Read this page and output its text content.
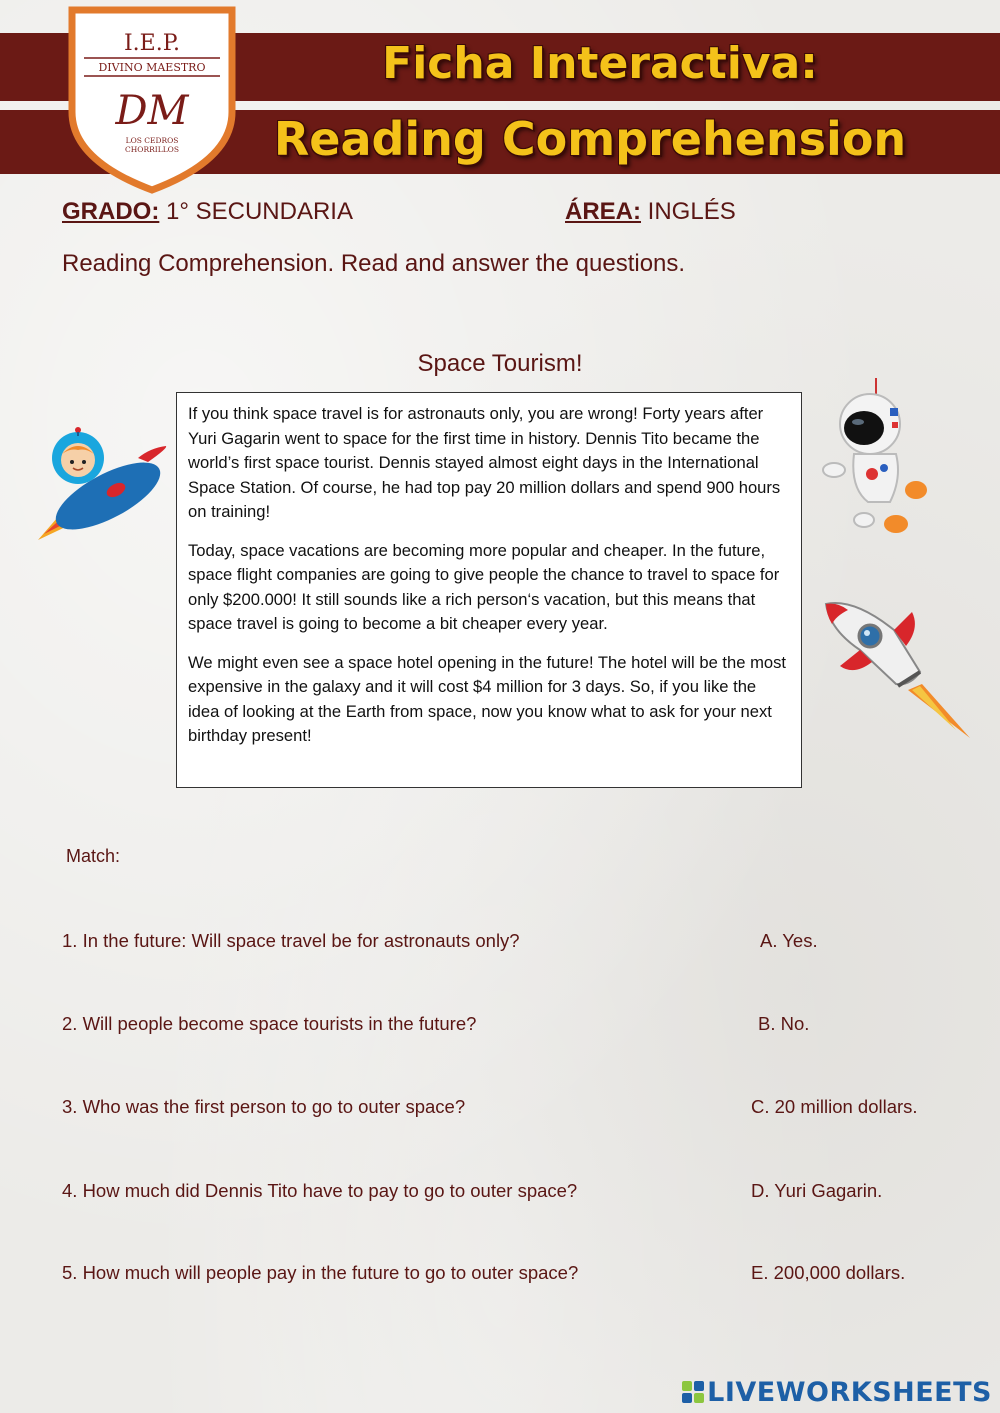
Ficha Interactiva:
Reading Comprehension
I.E.P.
DIVINO MAESTRO
DM
LOS CEDROS
CHORRILLOS
GRADO: 1° SECUNDARIA	ÁREA: INGLÉS
Reading Comprehension. Read and answer the questions.
Space Tourism!

If you think space travel is for astronauts only, you are wrong! Forty years after Yuri Gagarin went to space for the first time in history. Dennis Tito became the world’s first space tourist. Dennis stayed almost eight days in the International Space Station. Of course, he had top pay 20 million dollars and spend 900 hours on training!

Today, space vacations are becoming more popular and cheaper. In the future, space flight companies are going to give people the chance to travel to space for only $200.000! It still sounds like a rich person‘s vacation, but this means that space travel is going to become a bit cheaper every year.

We might even see a space hotel opening in the future! The hotel will be the most expensive in the galaxy and it will cost $4 million for 3 days. So, if you like the idea of looking at the Earth from space, now you know what to ask for your next birthday present!

Match:
1. In the future: Will space travel be for astronauts only?
2. Will people become space tourists in the future?
3. Who was the first person to go to outer space?
4. How much did Dennis Tito have to pay to go to outer space?
5. How much will people pay in the future to go to outer space?
A. Yes.
B. No.
C. 20 million dollars.
D. Yuri Gagarin.
E. 200,000 dollars.
LIVEWORKSHEETS
